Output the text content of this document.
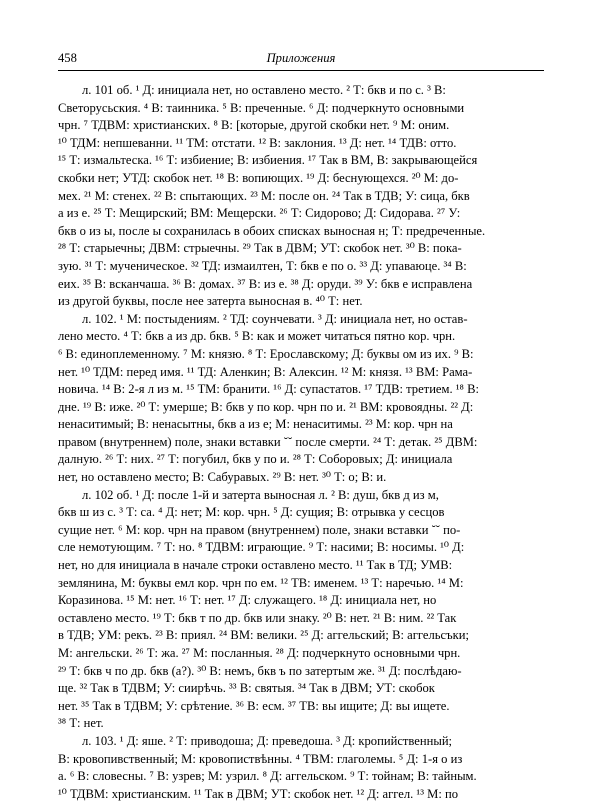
458	Приложения
л. 101 об. ¹ Д: инициала нет, но оставлено место. ² Т: бкв и по с. ³ В:
Светорусьския. ⁴ В: таинника. ⁵ В: преченные. ⁶ Д: подчеркнуто основными
чрн. ⁷ ТДВМ: христианских. ⁸ В: [которые, другой скобки нет. ⁹ М: оним.
¹⁰ ТДМ: непшеванни. ¹¹ ТМ: отстати. ¹² В: заклония. ¹³ Д: нет. ¹⁴ ТДВ: отто.
¹⁵ Т: измальтеска. ¹⁶ Т: избиение; В: избиения. ¹⁷ Так в ВМ, В: закрывающейся
скобки нет; УТД: скобок нет. ¹⁸ В: вопиющих. ¹⁹ Д: беснующехся. ²⁰ М: до-
мех. ²¹ М: стенех. ²² В: спытающих. ²³ М: после он. ²⁴ Так в ТДВ; У: сица, бкв
а из е. ²⁵ Т: Мещирский; ВМ: Мещерски. ²⁶ Т: Сидорово; Д: Сидорава. ²⁷ У:
бкв о из ы, после ы сохранилась в обоих списках выносная н; Т: предреченные.
²⁸ Т: старыечны; ДВМ: стрыечны. ²⁹ Так в ДВМ; УТ: скобок нет. ³⁰ В: пока-
зую. ³¹ Т: мученическое. ³² ТД: измаилтен, Т: бкв е по о. ³³ Д: упаваюце. ³⁴ В:
еих. ³⁵ В: вcканчаша. ³⁶ В: домах. ³⁷ В: из е. ³⁸ Д: оруди. ³⁹ У: бкв е исправлена
из другой буквы, после нее затерта выносная в. ⁴⁰ Т: нет.
л. 102. ¹ М: постыдениям. ² ТД: соунчевати. ³ Д: инициала нет, но остав-
лено место. ⁴ Т: бкв а из др. бкв. ⁵ В: как и может читаться пятно кор. чрн.
⁶ В: единоплеменному. ⁷ М: князю. ⁸ Т: Ерославскому; Д: буквы ом из их. ⁹ В:
нет. ¹⁰ ТДМ: перед имя. ¹¹ ТД: Аленкин; В: Алексин. ¹² М: князя. ¹³ ВМ: Рама-
новича. ¹⁴ В: 2-я л из м. ¹⁵ ТМ: бранити. ¹⁶ Д: супастатов. ¹⁷ ТДВ: третием. ¹⁸ В:
дне. ¹⁹ В: иже. ²⁰ Т: умерше; В: бкв у по кор. чрн по и. ²¹ ВМ: кровоядны. ²² Д:
ненаситимый; В: ненасытны, бкв а из е; М: ненаситимы. ²³ М: кор. чрн на
правом (внутреннем) поле, знаки вставки ˘˘ после смерти. ²⁴ Т: детак. ²⁵ ДВМ:
далную. ²⁶ Т: них. ²⁷ Т: погубил, бкв у по и. ²⁸ Т: Соборовых; Д: инициала
нет, но оставлено место; В: Сабуравых. ²⁹ В: нет. ³⁰ Т: о; В: и.
л. 102 об. ¹ Д: после 1-й и затерта выносная л. ² В: душ, бкв д из м,
бкв ш из с. ³ Т: са. ⁴ Д: нет; М: кор. чрн. ⁵ Д: сущия; В: отрывка у сесцов
сущие нет. ⁶ М: кор. чрн на правом (внутреннем) поле, знаки вставки ˘˘ по-
сле немотующим. ⁷ Т: но. ⁸ ТДВМ: играющие. ⁹ Т: насими; В: носимы. ¹⁰ Д:
нет, но для инициала в начале строки оставлено место. ¹¹ Так в ТД; УМВ:
землянина, М: буквы емл кор. чрн по ем. ¹² ТВ: именем. ¹³ Т: наречью. ¹⁴ М:
Коразинова. ¹⁵ М: нет. ¹⁶ Т: нет. ¹⁷ Д: служащего. ¹⁸ Д: инициала нет, но
оставлено место. ¹⁹ Т: бкв т по др. бкв или знаку. ²⁰ В: нет. ²¹ В: ним. ²² Так
в ТДВ; УМ: рекъ. ²³ В: приял. ²⁴ ВМ: велики. ²⁵ Д: аггельский; В: аггельсъки;
М: ангельски. ²⁶ Т: жа. ²⁷ М: посланныя. ²⁸ Д: подчеркнуто основными чрн.
²⁹ Т: бкв ч по др. бкв (а?). ³⁰ В: немъ, бкв ъ по затертым же. ³¹ Д: послѣдаю-
ще. ³² Так в ТДВМ; У: сиирѣчь. ³³ В: святыя. ³⁴ Так в ДВМ; УТ: скобок
нет. ³⁵ Так в ТДВМ; У: срѣтение. ³⁶ В: есм. ³⁷ ТВ: вы ищите; Д: вы ищете.
³⁸ Т: нет.
л. 103. ¹ Д: яше. ² Т: приводоша; Д: преведоша. ³ Д: кропийственный;
В: кровопивственный; М: кровопиствѣнны. ⁴ ТВМ: глаголемы. ⁵ Д: 1-я о из
а. ⁶ В: словесны. ⁷ В: узрев; М: узрил. ⁸ Д: аггельском. ⁹ Т: тойнам; В: тайным.
¹⁰ ТДВМ: христианским. ¹¹ Так в ДВМ; УТ: скобок нет. ¹² Д: аггел. ¹³ М: по
